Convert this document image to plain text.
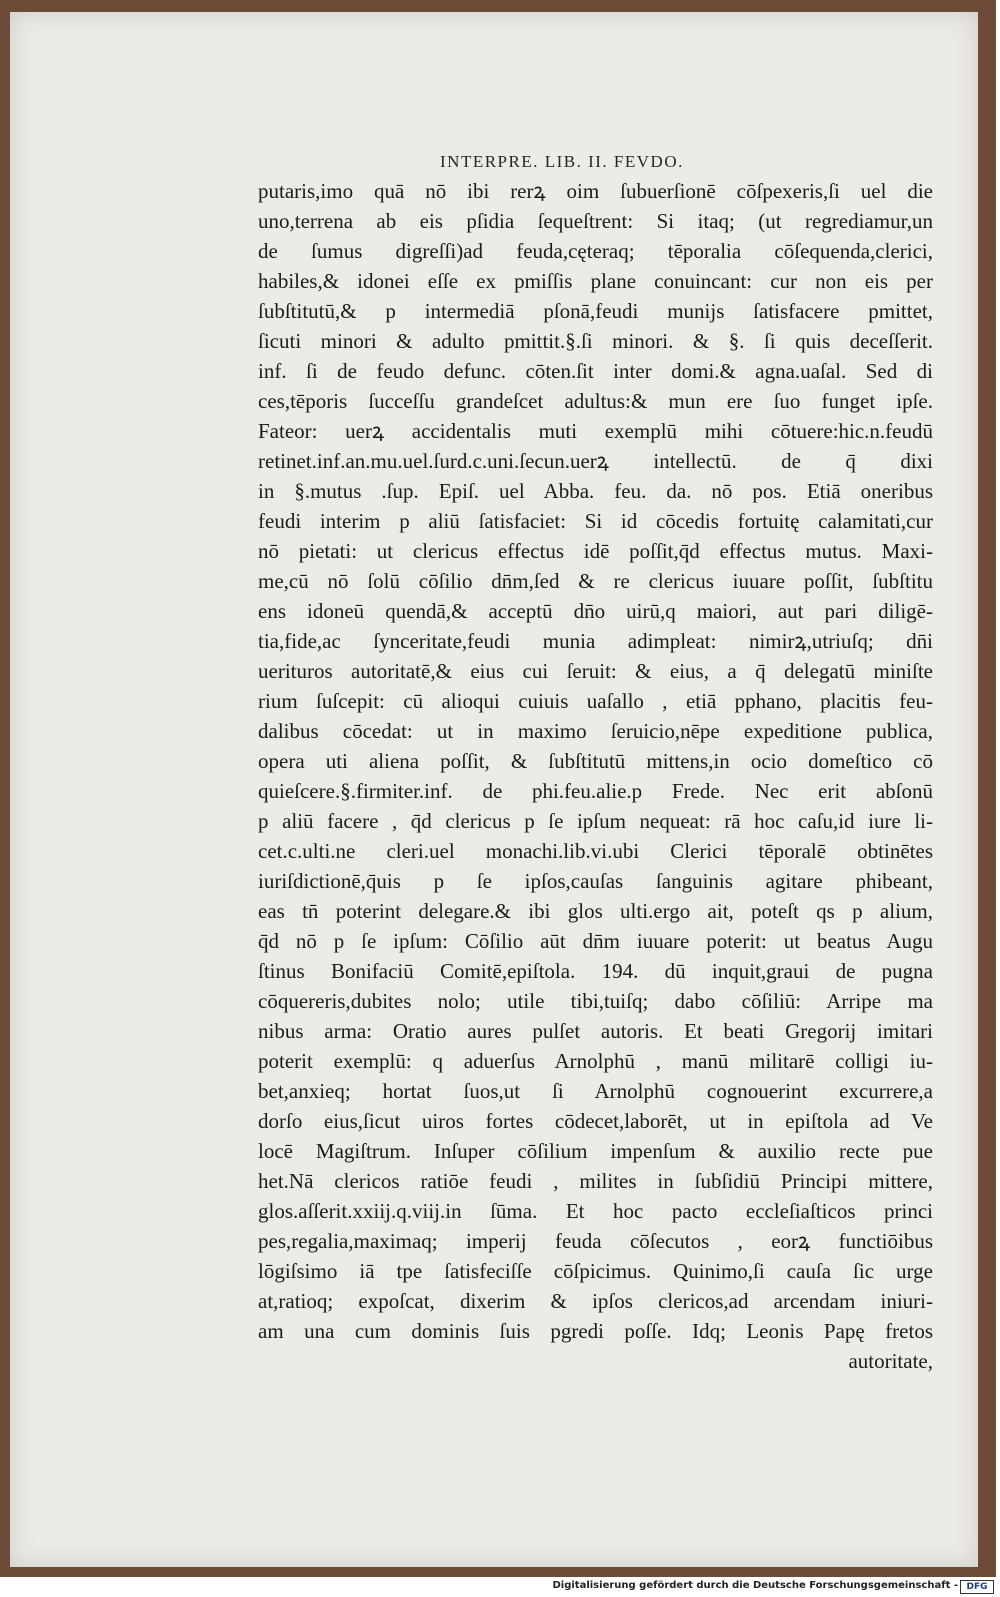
INTERPRE. LIB. II. FEVDO.
putaris,imo quā nō ibi rerꝝ oim ſubuerſionē cōſpexeris,ſi uel die
uno,terrena ab eis pſidia ſequeſtrent: Si itaq; (ut regrediamur,un
de ſumus digreſſi)ad feuda,cęteraq; tēporalia cōſequenda,clerici,
habiles,& idonei eſſe ex pmiſſis plane conuincant: cur non eis per
ſubſtitutū,& p intermediā pſonā,feudi munijs ſatisfacere pmittet,
ſicuti minori & adulto pmittit.§.ſi minori. & §. ſi quis deceſſerit.
inf. ſi de feudo defunc. cōten.ſit inter domi.& agna.uaſal. Sed di
ces,tēporis ſucceſſu grandeſcet adultus:& mun ere ſuo funget ipſe.
Fateor: uerꝝ accidentalis muti exemplū mihi cōtuere:hic.n.feudū
retinet.inf.an.mu.uel.ſurd.c.uni.ſecun.uerꝝ intellectū. de q̄ dixi
in §.mutus .ſup. Epiſ. uel Abba. feu. da. nō pos. Etiā oneribus
feudi interim p aliū ſatisfaciet: Si id cōcedis fortuitę calamitati,cur
nō pietati: ut clericus effectus idē poſſit,q̄d effectus mutus. Maxi-
me,cū nō ſolū cōſilio dn̄m,ſed & re clericus iuuare poſſit, ſubſtitu
ens idoneū quendā,& acceptū dn̄o uirū,q maiori, aut pari diligē-
tia,fide,ac ſynceritate,feudi munia adimpleat: nimirꝝ,utriuſq; dn̄i
uerituros autoritatē,& eius cui ſeruit: & eius, a q̄ delegatū miniſte
rium ſuſcepit: cū alioqui cuiuis uaſallo , etiā pphano, placitis feu-
dalibus cōcedat: ut in maximo ſeruicio,nēpe expeditione publica,
opera uti aliena poſſit, & ſubſtitutū mittens,in ocio domeſtico cō
quieſcere.§.firmiter.inf. de phi.feu.alie.p Frede. Nec erit abſonū
p aliū facere , q̄d clericus p ſe ipſum nequeat: rā hoc caſu,id iure li-
cet.c.ulti.ne cleri.uel monachi.lib.vi.ubi Clerici tēporalē obtinētes
iuriſdictionē,q̄uis p ſe ipſos,cauſas ſanguinis agitare phibeant,
eas tn̄ poterint delegare.& ibi glos ulti.ergo ait, poteſt qs p alium,
q̄d nō p ſe ipſum: Cōſilio aūt dn̄m iuuare poterit: ut beatus Augu
ſtinus Bonifaciū Comitē,epiſtola. 194. dū inquit,graui de pugna
cōquereris,dubites nolo; utile tibi,tuiſq; dabo cōſiliū: Arripe ma
nibus arma: Oratio aures pulſet autoris. Et beati Gregorij imitari
poterit exemplū: q aduerſus Arnolphū , manū militarē colligi iu-
bet,anxieq; hortat ſuos,ut ſi Arnolphū cognouerint excurrere,a
dorſo eius,ſicut uiros fortes cōdecet,laborēt, ut in epiſtola ad Ve
locē Magiſtrum. Inſuper cōſilium impenſum & auxilio recte pue
het.Nā clericos ratiōe feudi , milites in ſubſidiū Principi mittere,
glos.aſſerit.xxiij.q.viij.in ſūma. Et hoc pacto eccleſiaſticos princi
pes,regalia,maximaq; imperij feuda cōſecutos , eorꝝ functiōibus
lōgiſsimo iā tpe ſatisfeciſſe cōſpicimus. Quinimo,ſi cauſa ſic urge
at,ratioq; expoſcat, dixerim & ipſos clericos,ad arcendam iniuri-
am una cum dominis ſuis pgredi poſſe. Idq; Leonis Papę fretos
autoritate,
Digitalisierung gefördert durch die Deutsche Forschungsgemeinschaft - DFG
